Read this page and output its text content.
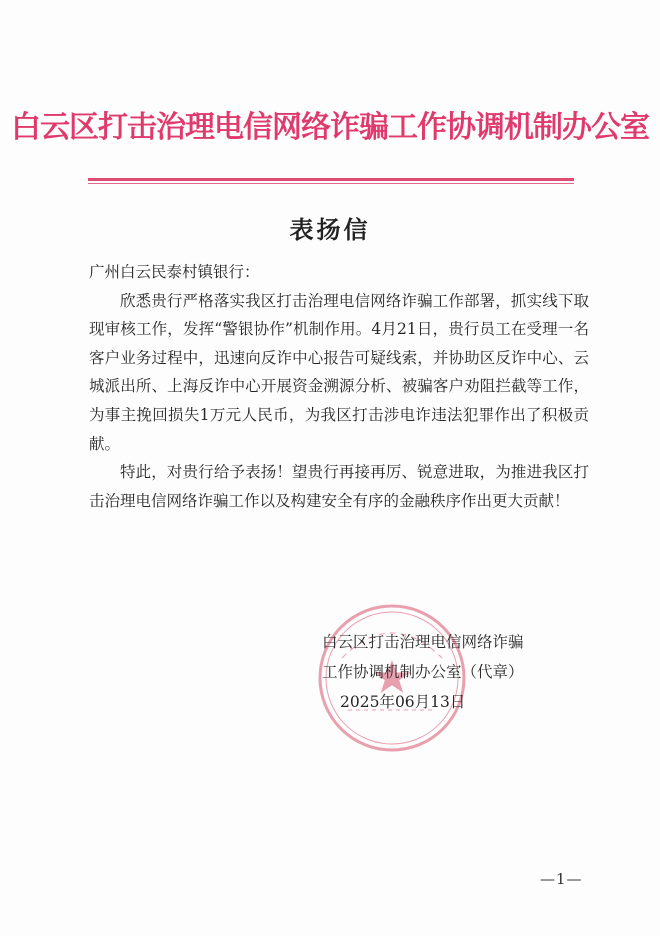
白云区打击治理电信网络诈骗工作协调机制办公室
表扬信

广州白云民泰村镇银行：

欣悉贵行严格落实我区打击治理电信网络诈骗工作部署，抓实线下取现审核工作，发挥“警银协作”机制作用。4月21日，贵行员工在受理一名客户业务过程中，迅速向反诈中心报告可疑线索，并协助区反诈中心、云城派出所、上海反诈中心开展资金溯源分析、被骗客户劝阻拦截等工作，为事主挽回损失1万元人民币，为我区打击涉电诈违法犯罪作出了积极贡献。

特此，对贵行给予表扬！望贵行再接再厉、锐意进取，为推进我区打击治理电信网络诈骗工作以及构建安全有序的金融秩序作出更大贡献！

白云区打击治理电信网络诈骗
工作协调机制办公室（代章）
2025年06月13日
—1—
